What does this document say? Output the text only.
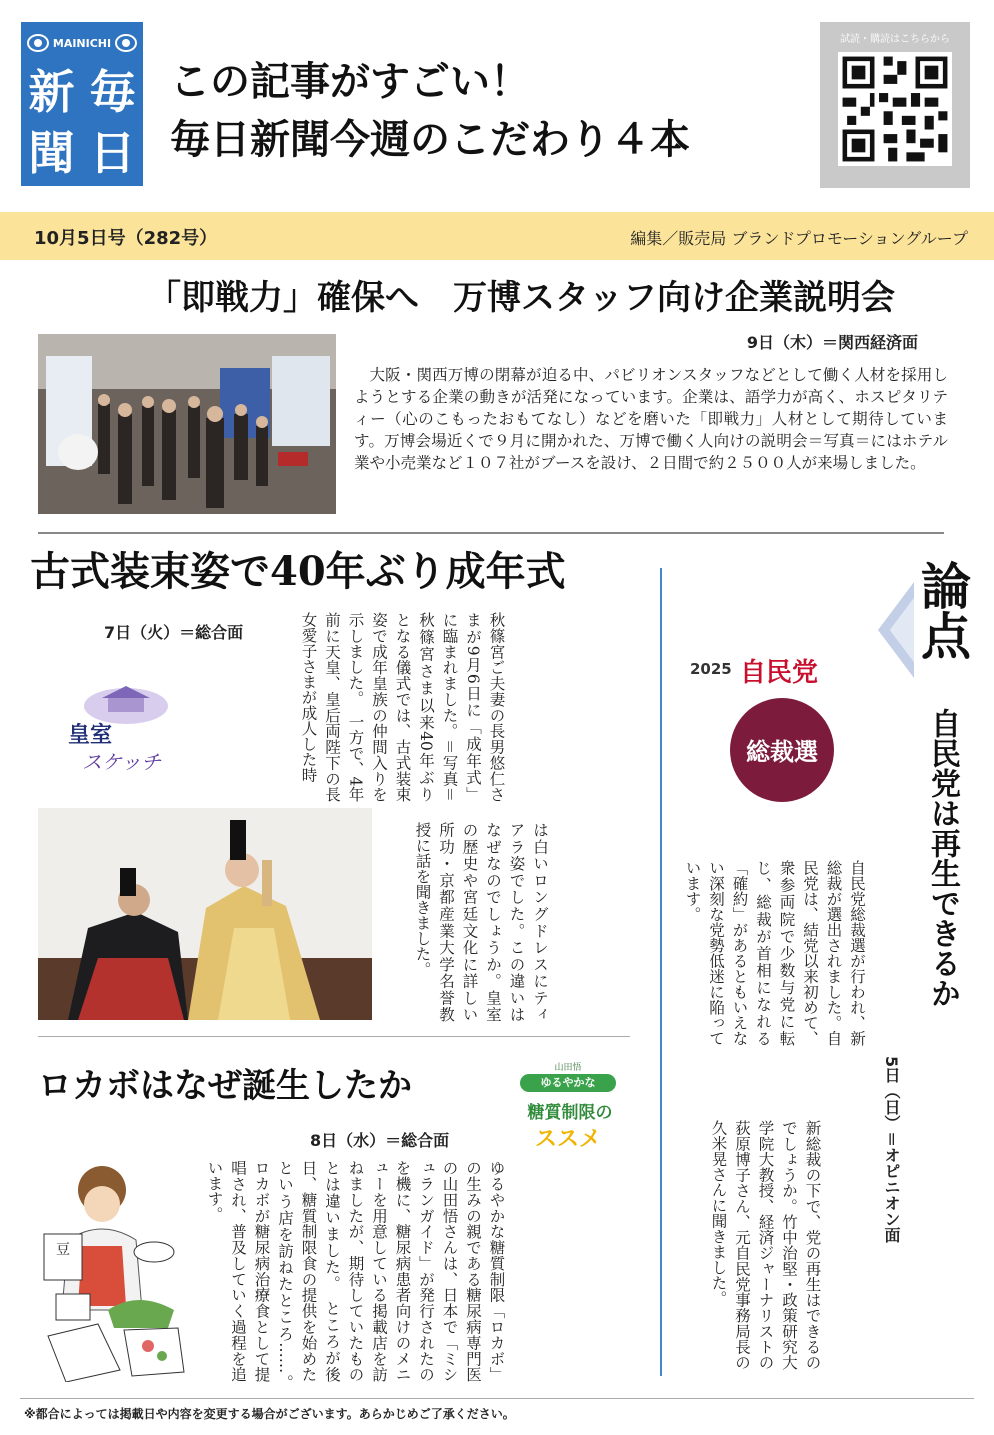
MAINICHI
新 毎
聞 日
この記事がすごい！
毎日新聞今週のこだわり４本
試読・購読はこちらから
10月5日号（282号）	編集／販売局 ブランドプロモーショングループ
「即戦力」確保へ　万博スタッフ向け企業説明会
9日（木）＝関西経済面
大阪・関西万博の閉幕が迫る中、パビリオンスタッフなどとして働く人材を採用しようとする企業の動きが活発になっています。企業は、語学力が高く、ホスピタリティー（心のこもったおもてなし）などを磨いた「即戦力」人材として期待しています。万博会場近くで９月に開かれた、万博で働く人向けの説明会＝写真＝にはホテル業や小売業など１０７社がブースを設け、２日間で約２５００人が来場しました。
古式装束姿で40年ぶり成年式
7日（火）＝総合面
皇室
スケッチ	秋篠宮ご夫妻の長男悠仁さまが9月6日に「成年式」に臨まれました。＝写真＝秋篠宮さま以来40年ぶりとなる儀式では、古式装束姿で成年皇族の仲間入りを示しました。　一方で、4年前に天皇、皇后両陛下の長女愛子さまが成人した時
は白いロングドレスにティアラ姿でした。この違いはなぜなのでしょうか。皇室の歴史や宮廷文化に詳しい所功・京都産業大学名誉教授に話を聞きました。
ロカボはなぜ誕生したか
8日（水）＝総合面
山田悟
ゆるやかな
糖質制限の
ススメ
豆	ゆるやかな糖質制限「ロカボ」の生みの親である糖尿病専門医の山田悟さんは、日本で「ミシュランガイド」が発行されたのを機に、糖尿病患者向けのメニューを用意している掲載店を訪ねましたが、期待していたものとは違いました。　ところが後日、糖質制限食の提供を始めたという店を訪ねたところ……。　ロカボが糖尿病治療食として提唱され、普及していく過程を追います。
論点
2025 自民党
総裁選	自民党は再生できるか
自民党総裁選が行われ、新総裁が選出されました。自民党は、結党以来初めて、衆参両院で少数与党に転じ、総裁が首相になれる「確約」があるともいえない深刻な党勢低迷に陥っています。
5日（日）＝オピニオン面
新総裁の下で、党の再生はできるのでしょうか。竹中治堅・政策研究大学院大教授、経済ジャーナリストの荻原博子さん、元自民党事務局長の久米晃さんに聞きました。
※都合によっては掲載日や内容を変更する場合がございます。あらかじめご了承ください。
